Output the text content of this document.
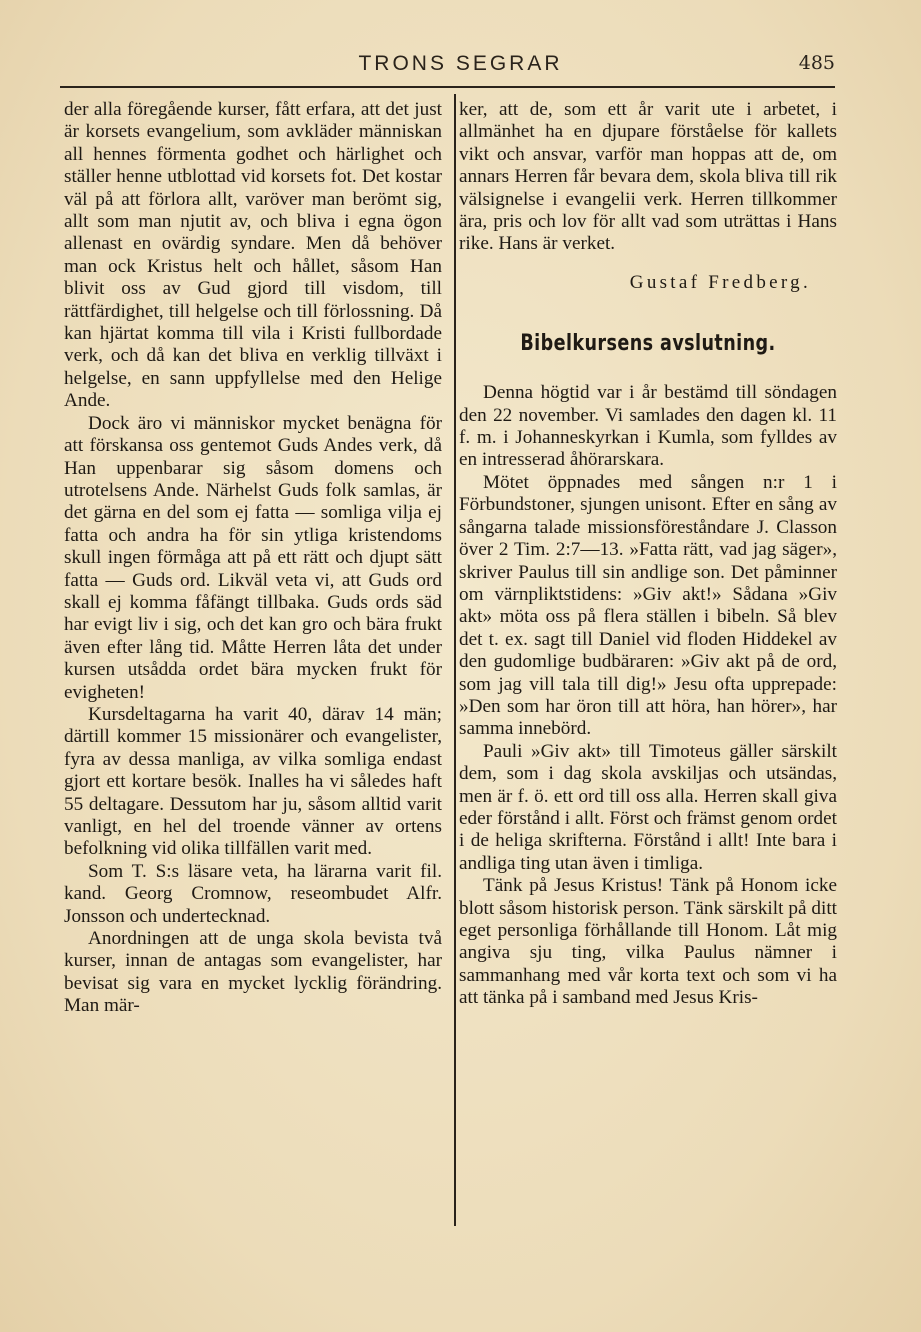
TRONS SEGRAR	485

der alla föregående kurser, fått erfara, att det just är korsets evangelium, som avkläder människan all hennes förmenta godhet och härlighet och ställer henne utblottad vid korsets fot. Det kostar väl på att förlora allt, varöver man berömt sig, allt som man njutit av, och bliva i egna ögon allenast en ovärdig syndare. Men då behöver man ock Kristus helt och hållet, såsom Han blivit oss av Gud gjord till visdom, till rättfärdighet, till helgelse och till förlossning. Då kan hjärtat komma till vila i Kristi fullbordade verk, och då kan det bliva en verklig tillväxt i helgelse, en sann uppfyllelse med den Helige Ande.

Dock äro vi människor mycket benägna för att förskansa oss gentemot Guds Andes verk, då Han uppenbarar sig såsom domens och utrotelsens Ande. Närhelst Guds folk samlas, är det gärna en del som ej fatta — somliga vilja ej fatta och andra ha för sin ytliga kristendoms skull ingen förmåga att på ett rätt och djupt sätt fatta — Guds ord. Likväl veta vi, att Guds ord skall ej komma fåfängt tillbaka. Guds ords säd har evigt liv i sig, och det kan gro och bära frukt även efter lång tid. Måtte Herren låta det under kursen utsådda ordet bära mycken frukt för evigheten!

Kursdeltagarna ha varit 40, därav 14 män; därtill kommer 15 missionärer och evangelister, fyra av dessa manliga, av vilka somliga endast gjort ett kortare besök. Inalles ha vi således haft 55 deltagare. Dessutom har ju, såsom alltid varit vanligt, en hel del troende vänner av ortens befolkning vid olika tillfällen varit med.

Som T. S:s läsare veta, ha lärarna varit fil. kand. Georg Cromnow, reseombudet Alfr. Jonsson och undertecknad.

Anordningen att de unga skola bevista två kurser, innan de antagas som evangelister, har bevisat sig vara en mycket lycklig förändring. Man mär-

ker, att de, som ett år varit ute i arbetet, i allmänhet ha en djupare förståelse för kallets vikt och ansvar, varför man hoppas att de, om annars Herren får bevara dem, skola bliva till rik välsignelse i evangelii verk. Herren tillkommer ära, pris och lov för allt vad som uträttas i Hans rike. Hans är verket.

Gustaf Fredberg.

Bibelkursens avslutning.

Denna högtid var i år bestämd till söndagen den 22 november. Vi samlades den dagen kl. 11 f. m. i Johanneskyrkan i Kumla, som fylldes av en intresserad åhörarskara.

Mötet öppnades med sången n:r 1 i Förbundstoner, sjungen unisont. Efter en sång av sångarna talade missionsföreståndare J. Classon över 2 Tim. 2:7—13. »Fatta rätt, vad jag säger», skriver Paulus till sin andlige son. Det påminner om värnpliktstidens: »Giv akt!» Sådana »Giv akt» möta oss på flera ställen i bibeln. Så blev det t. ex. sagt till Daniel vid floden Hiddekel av den gudomlige budbäraren: »Giv akt på de ord, som jag vill tala till dig!» Jesu ofta upprepade: »Den som har öron till att höra, han hörer», har samma innebörd.

Pauli »Giv akt» till Timoteus gäller särskilt dem, som i dag skola avskiljas och utsändas, men är f. ö. ett ord till oss alla. Herren skall giva eder förstånd i allt. Först och främst genom ordet i de heliga skrifterna. Förstånd i allt! Inte bara i andliga ting utan även i timliga.

Tänk på Jesus Kristus! Tänk på Honom icke blott såsom historisk person. Tänk särskilt på ditt eget personliga förhållande till Honom. Låt mig angiva sju ting, vilka Paulus nämner i sammanhang med vår korta text och som vi ha att tänka på i samband med Jesus Kris-
